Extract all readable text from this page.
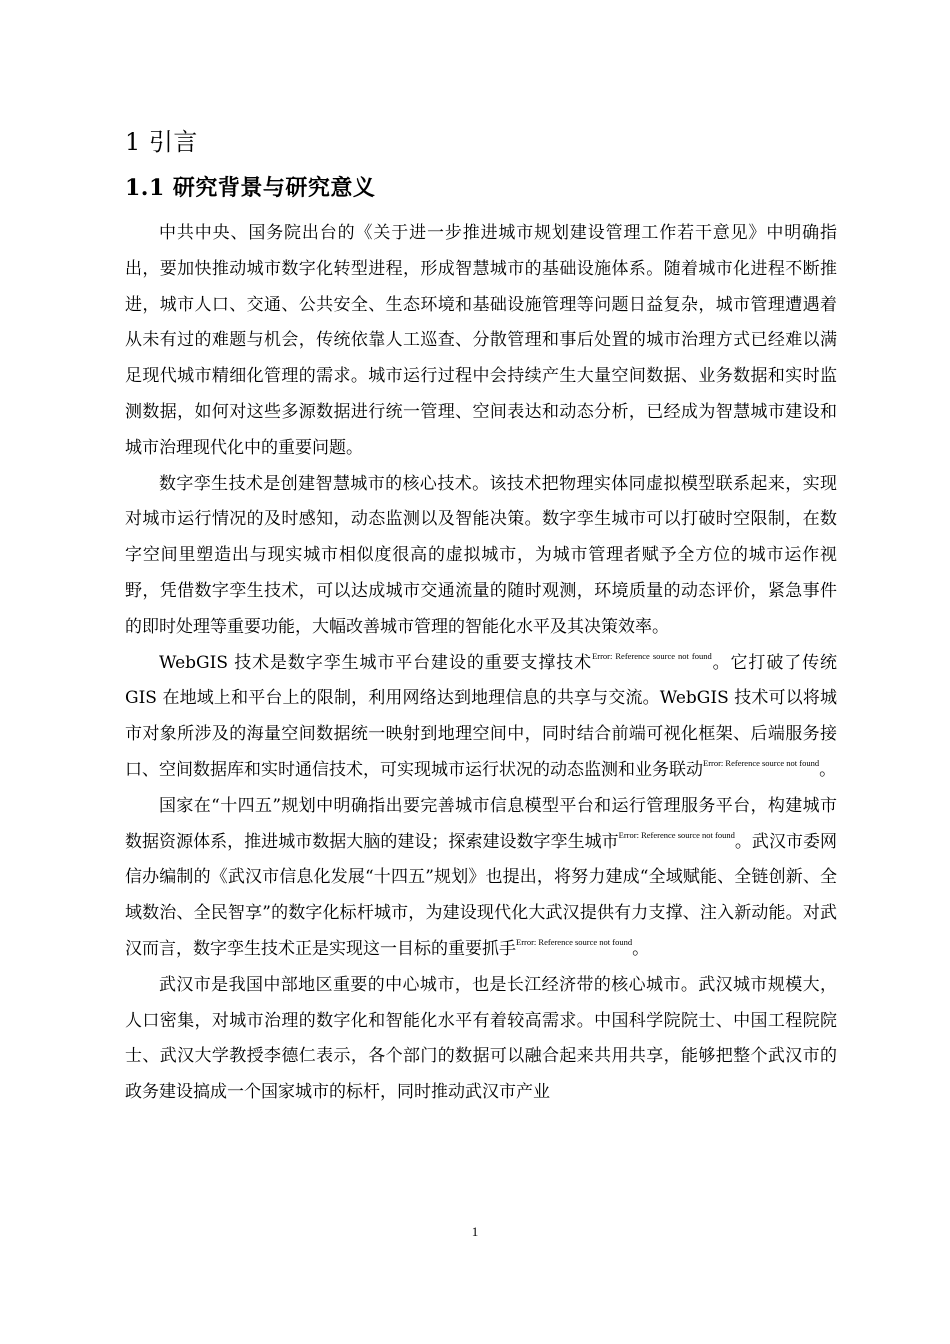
1 引言
1.1 研究背景与研究意义

中共中央、国务院出台的《关于进一步推进城市规划建设管理工作若干意见》中明确指出，要加快推动城市数字化转型进程，形成智慧城市的基础设施体系。随着城市化进程不断推进，城市人口、交通、公共安全、生态环境和基础设施管理等问题日益复杂，城市管理遭遇着从未有过的难题与机会，传统依靠人工巡查、分散管理和事后处置的城市治理方式已经难以满足现代城市精细化管理的需求。城市运行过程中会持续产生大量空间数据、业务数据和实时监测数据，如何对这些多源数据进行统一管理、空间表达和动态分析，已经成为智慧城市建设和城市治理现代化中的重要问题。

数字孪生技术是创建智慧城市的核心技术。该技术把物理实体同虚拟模型联系起来，实现对城市运行情况的及时感知，动态监测以及智能决策。数字孪生城市可以打破时空限制，在数字空间里塑造出与现实城市相似度很高的虚拟城市，为城市管理者赋予全方位的城市运作视野，凭借数字孪生技术，可以达成城市交通流量的随时观测，环境质量的动态评价，紧急事件的即时处理等重要功能，大幅改善城市管理的智能化水平及其决策效率。

WebGIS 技术是数字孪生城市平台建设的重要支撑技术$^{Error: Reference source not found}$。它打破了传统 GIS 在地域上和平台上的限制，利用网络达到地理信息的共享与交流。WebGIS 技术可以将城市对象所涉及的海量空间数据统一映射到地理空间中，同时结合前端可视化框架、后端服务接口、空间数据库和实时通信技术，可实现城市运行状况的动态监测和业务联动$^{Error: Reference source not found}$。

国家在“十四五”规划中明确指出要完善城市信息模型平台和运行管理服务平台，构建城市数据资源体系，推进城市数据大脑的建设；探索建设数字孪生城市$^{Error: Reference source not found}$。武汉市委网信办编制的《武汉市信息化发展“十四五”规划》也提出，将努力建成“全域赋能、全链创新、全域数治、全民智享”的数字化标杆城市，为建设现代化大武汉提供有力支撑、注入新动能。对武汉而言，数字孪生技术正是实现这一目标的重要抓手$^{Error: Reference source not found}$。

武汉市是我国中部地区重要的中心城市，也是长江经济带的核心城市。武汉城市规模大，人口密集，对城市治理的数字化和智能化水平有着较高需求。中国科学院院士、中国工程院院士、武汉大学教授李德仁表示，各个部门的数据可以融合起来共用共享，能够把整个武汉市的政务建设搞成一个国家城市的标杆，同时推动武汉市产业

1
